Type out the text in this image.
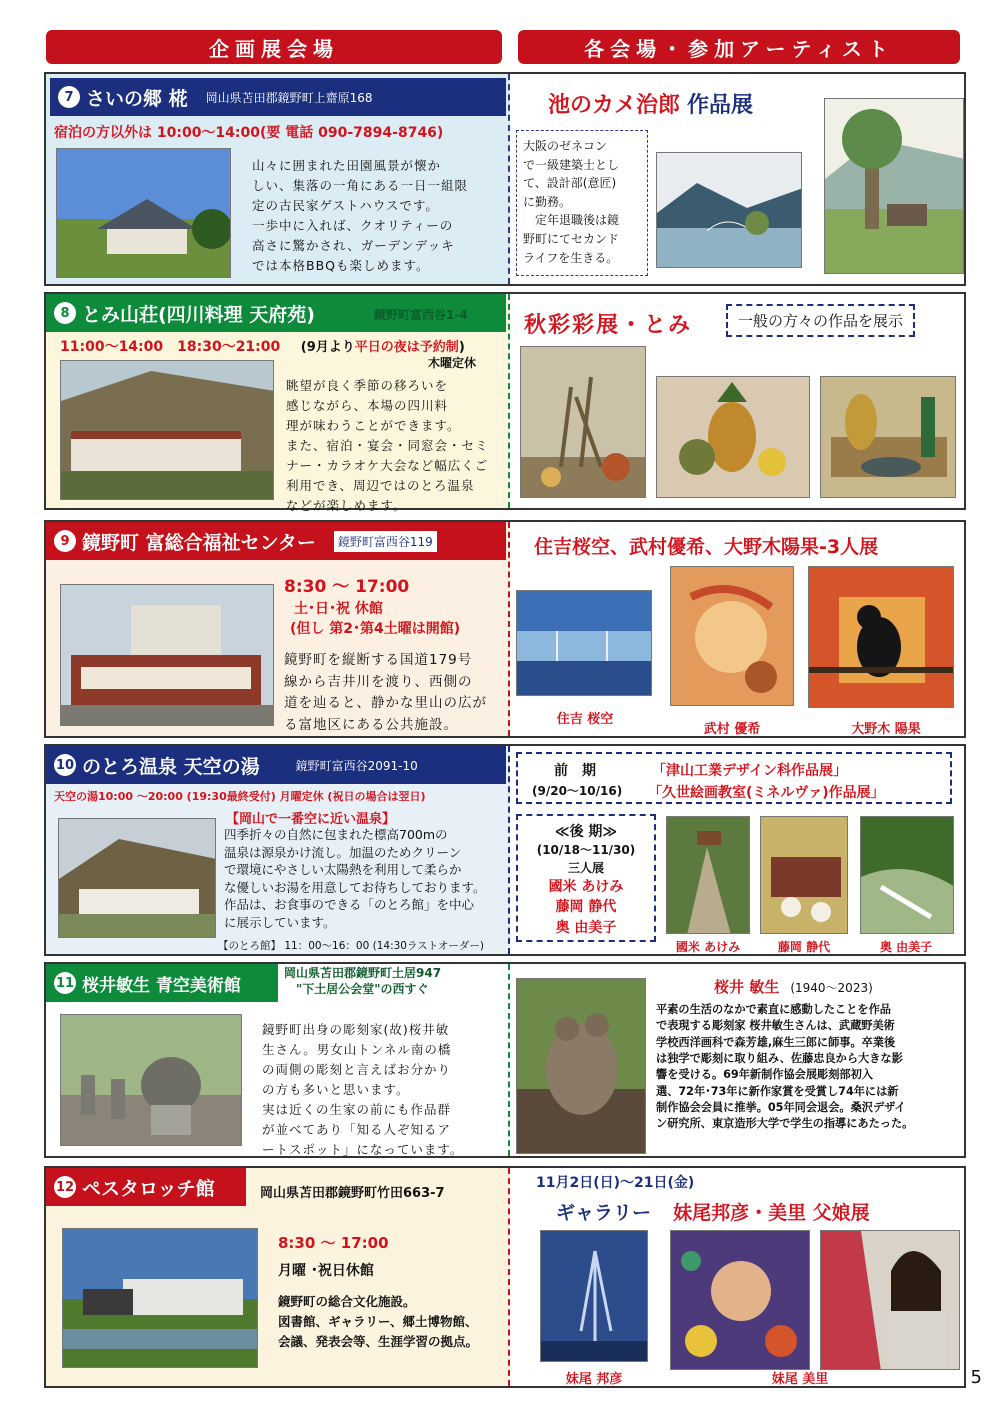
企画展会場	各会場・参加アーティスト
7 さいの郷 椛 岡山県苫田郡鏡野町上齋原168
宿泊の方以外は 10:00〜14:00(要 電話 090-7894-8746)
山々に囲まれた田園風景が懐か
しい、集落の一角にある一日一組限
定の古民家ゲストハウスです。
一歩中に入れば、クオリティーの
高さに驚かされ、ガーデンデッキ
では本格BBQも楽しめます。
池のカメ治郎 作品展
大阪のゼネコン
で一級建築士とし
て、設計部(意匠)
に勤務。
　定年退職後は鏡
野町にてセカンド
ライフを生きる。
8 とみ山荘(四川料理 天府苑)	鏡野町富西谷1-4
11:00〜14:00　18:30〜21:00 (9月より平日の夜は予約制)
木曜定休
眺望が良く季節の移ろいを
感じながら、本場の四川料
理が味わうことができます。
また、宿泊・宴会・同窓会・セミ
ナー・カラオケ大会など幅広くご
利用でき、周辺ではのとろ温泉
などが楽しめます。
秋彩彩展・とみ	一般の方々の作品を展示
9 鏡野町 富総合福祉センター	鏡野町富西谷119
8:30 〜 17:00
土･日･祝 休館
(但し 第2･第4土曜は開館)
鏡野町を縦断する国道179号
線から吉井川を渡り、西側の
道を辿ると、静かな里山の広が
る富地区にある公共施設。
住吉桜空、武村優希、大野木陽果-3人展
住吉 桜空
武村 優希	大野木 陽果
10 のとろ温泉 天空の湯	鏡野町富西谷2091-10
天空の湯10:00 〜20:00 (19:30最終受付) 月曜定休 (祝日の場合は翌日)
【岡山で一番空に近い温泉】
四季折々の自然に包まれた標高700mの
温泉は源泉かけ流し。加温のためクリーン
で環境にやさしい太陽熱を利用して柔らか
な優しいお湯を用意してお待ちしております。
作品は、お食事のできる「のとろ館」を中心
に展示しています。
【のとろ館】 11：00〜16：00 (14:30ラストオーダー)
前　期
(9/20〜10/16)
「津山工業デザイン科作品展」
「久世絵画教室(ミネルヴァ)作品展」
≪後 期≫
(10/18〜11/30)
三人展
國米 あけみ
藤岡 静代
奥 由美子
國米 あけみ	藤岡 静代	奥 由美子
11 桜井敏生 青空美術館
岡山県苫田郡鏡野町土居947
"下土居公会堂"の西すぐ
鏡野町出身の彫刻家(故)桜井敏
生さん。男女山トンネル南の橋
の両側の彫刻と言えばお分かり
の方も多いと思います。
実は近くの生家の前にも作品群
が並べてあり「知る人ぞ知るア
ートスポット」になっています。
桜井 敏生 (1940〜2023)
平素の生活のなかで素直に感動したことを作品
で表現する彫刻家 桜井敏生さんは、武蔵野美術
学校西洋画科で森芳雄,麻生三郎に師事。卒業後
は独学で彫刻に取り組み、佐藤忠良から大きな影
響を受ける。69年新制作協会展彫刻部初入
選、72年･73年に新作家賞を受賞し74年には新
制作協会会員に推挙。05年同会退会。桑沢デザイ
ン研究所、東京造形大学で学生の指導にあたった。
12 ペスタロッチ館	岡山県苫田郡鏡野町竹田663-7
8:30 〜 17:00
月曜 ･祝日休館
鏡野町の総合文化施設。
図書館、ギャラリー、郷土博物館、
会議、発表会等、生涯学習の拠点。
11月2日(日)〜21日(金)
ギャラリー 妹尾邦彦・美里 父娘展
妹尾 邦彦	妹尾 美里	5
